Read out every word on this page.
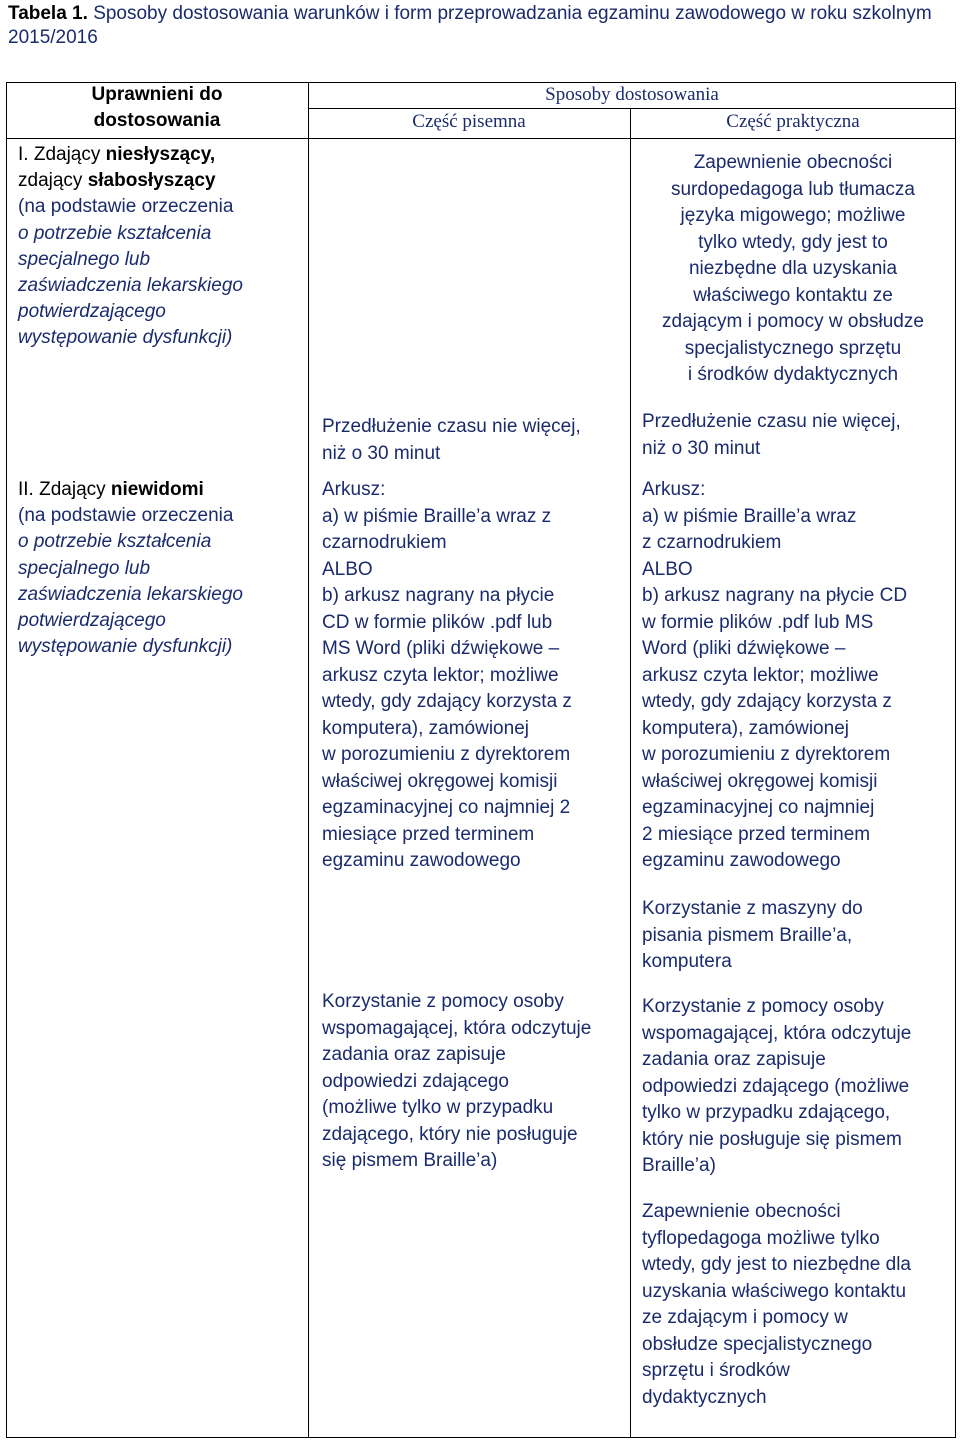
Tabela 1. Sposoby dostosowania warunków i form przeprowadzania egzaminu zawodowego w roku szkolnym 2015/2016
Uprawnieni do
dostosowania
Sposoby dostosowania
Część pisemna	Część praktyczna
I. Zdający niesłyszący,
zdający słabosłyszący
(na podstawie orzeczenia
o potrzebie kształcenia
specjalnego lub
zaświadczenia lekarskiego
potwierdzającego
występowanie dysfunkcji)
Zapewnienie obecności
surdopedagoga lub tłumacza
języka migowego; możliwe
tylko wtedy, gdy jest to
niezbędne dla uzyskania
właściwego kontaktu ze
zdającym i pomocy w obsłudze
specjalistycznego sprzętu
i środków dydaktycznych
Przedłużenie czasu nie więcej,
niż o 30 minut
Przedłużenie czasu nie więcej,
niż o 30 minut
II. Zdający niewidomi
(na podstawie orzeczenia
o potrzebie kształcenia
specjalnego lub
zaświadczenia lekarskiego
potwierdzającego
występowanie dysfunkcji)
Arkusz:
a) w piśmie Braille’a wraz z
czarnodrukiem
ALBO
b) arkusz nagrany na płycie
CD w formie plików .pdf lub
MS Word (pliki dźwiękowe –
arkusz czyta lektor; możliwe
wtedy, gdy zdający korzysta z
komputera), zamówionej
w porozumieniu z dyrektorem
właściwej okręgowej komisji
egzaminacyjnej co najmniej 2
miesiące przed terminem
egzaminu zawodowego
Arkusz:
a) w piśmie Braille’a wraz
z czarnodrukiem
ALBO
b) arkusz nagrany na płycie CD
w formie plików .pdf lub MS
Word (pliki dźwiękowe –
arkusz czyta lektor; możliwe
wtedy, gdy zdający korzysta z
komputera), zamówionej
w porozumieniu z dyrektorem
właściwej okręgowej komisji
egzaminacyjnej co najmniej
2 miesiące przed terminem
egzaminu zawodowego
Korzystanie z maszyny do
pisania pismem Braille’a,
komputera
Korzystanie z pomocy osoby
wspomagającej, która odczytuje
zadania oraz zapisuje
odpowiedzi zdającego
(możliwe tylko w przypadku
zdającego, który nie posługuje
się pismem Braille’a)
Korzystanie z pomocy osoby
wspomagającej, która odczytuje
zadania oraz zapisuje
odpowiedzi zdającego (możliwe
tylko w przypadku zdającego,
który nie posługuje się pismem
Braille’a)
Zapewnienie obecności
tyflopedagoga możliwe tylko
wtedy, gdy jest to niezbędne dla
uzyskania właściwego kontaktu
ze zdającym i pomocy w
obsłudze specjalistycznego
sprzętu i środków
dydaktycznych
